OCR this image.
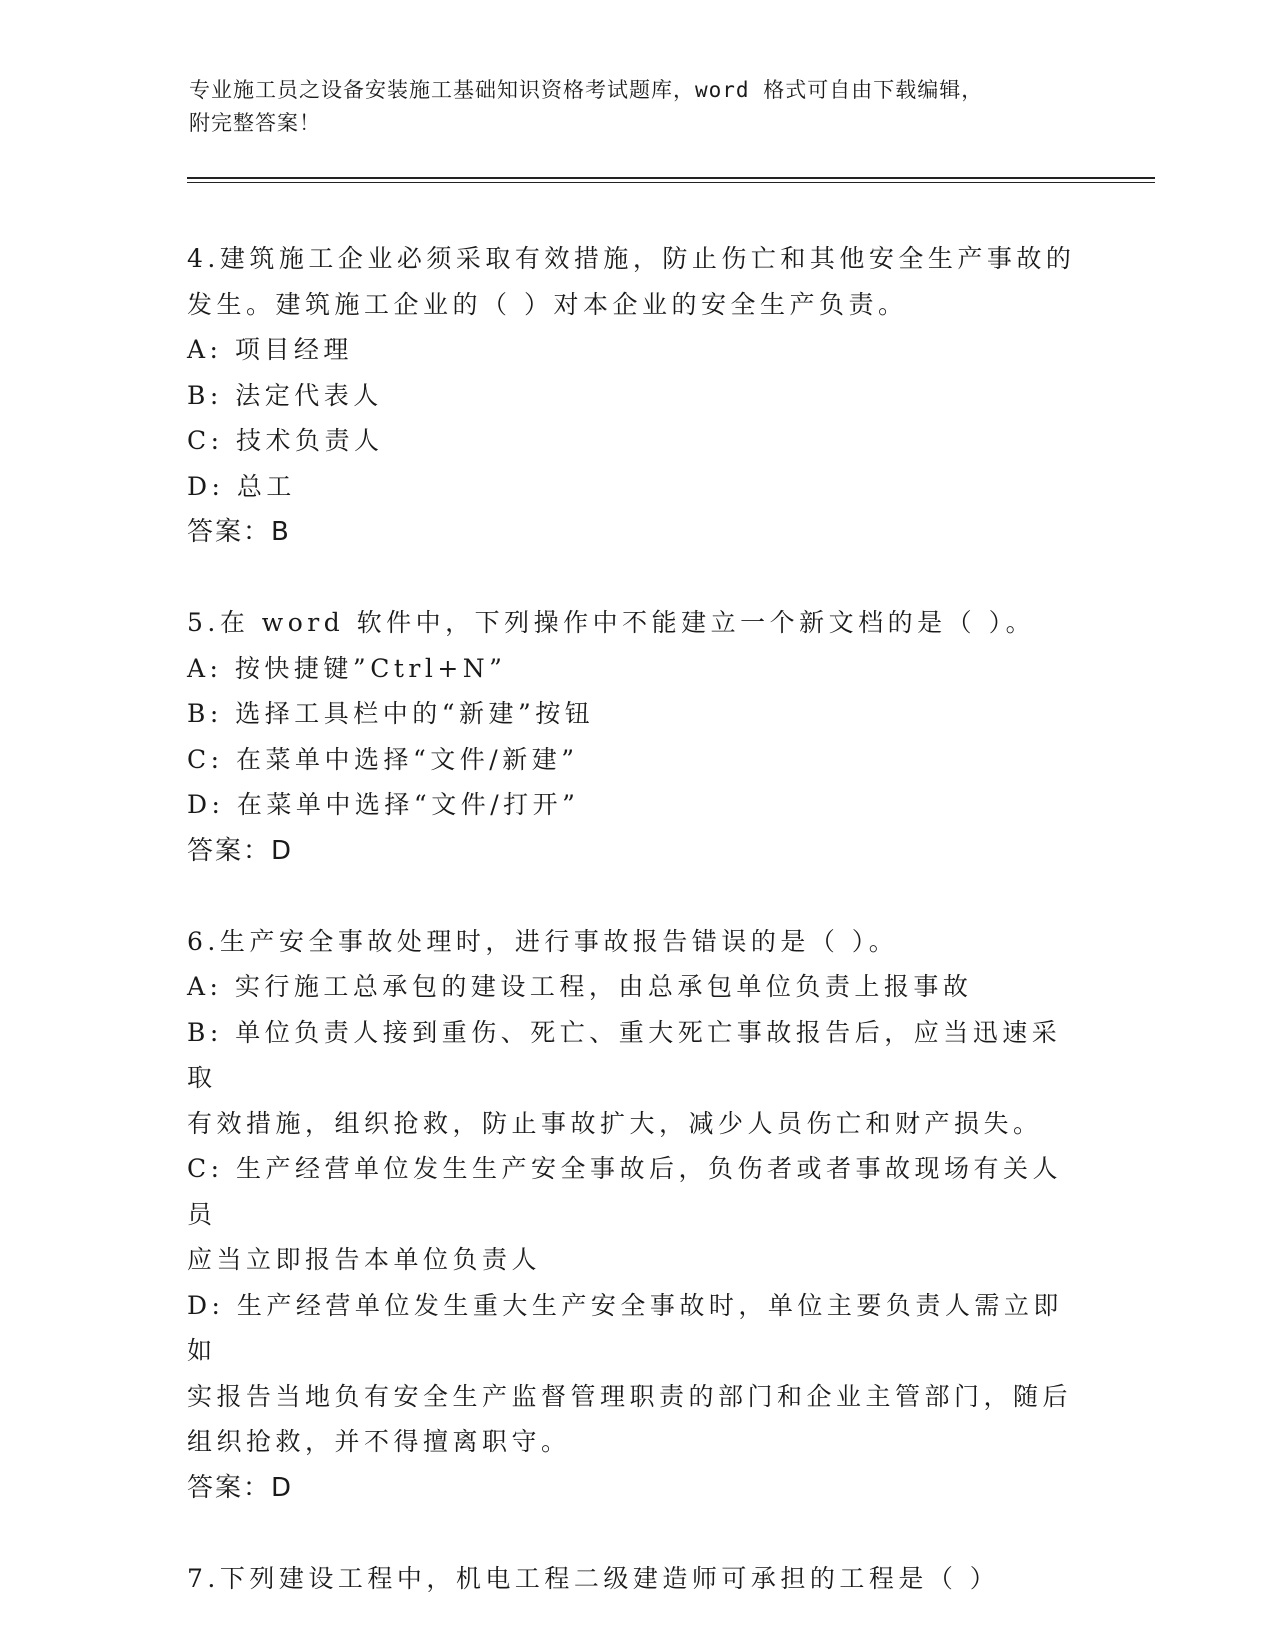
专业施工员之设备安装施工基础知识资格考试题库，word 格式可自由下载编辑，

附完整答案！

4.建筑施工企业必须采取有效措施，防止伤亡和其他安全生产事故的

发生。建筑施工企业的（ ）对本企业的安全生产负责。

A: 项目经理

B: 法定代表人

C: 技术负责人

D: 总工

答案：B

5.在 word 软件中，下列操作中不能建立一个新文档的是（ ）。

A: 按快捷键”Ctrl+N”

B: 选择工具栏中的“新建”按钮

C: 在菜单中选择“文件/新建”

D: 在菜单中选择“文件/打开”

答案：D

6.生产安全事故处理时，进行事故报告错误的是（ ）。

A: 实行施工总承包的建设工程，由总承包单位负责上报事故

B: 单位负责人接到重伤、死亡、重大死亡事故报告后，应当迅速采取

有效措施，组织抢救，防止事故扩大，减少人员伤亡和财产损失。

C: 生产经营单位发生生产安全事故后，负伤者或者事故现场有关人员

应当立即报告本单位负责人

D: 生产经营单位发生重大生产安全事故时，单位主要负责人需立即如

实报告当地负有安全生产监督管理职责的部门和企业主管部门，随后

组织抢救，并不得擅离职守。

答案：D

7.下列建设工程中，机电工程二级建造师可承担的工程是（ ）
